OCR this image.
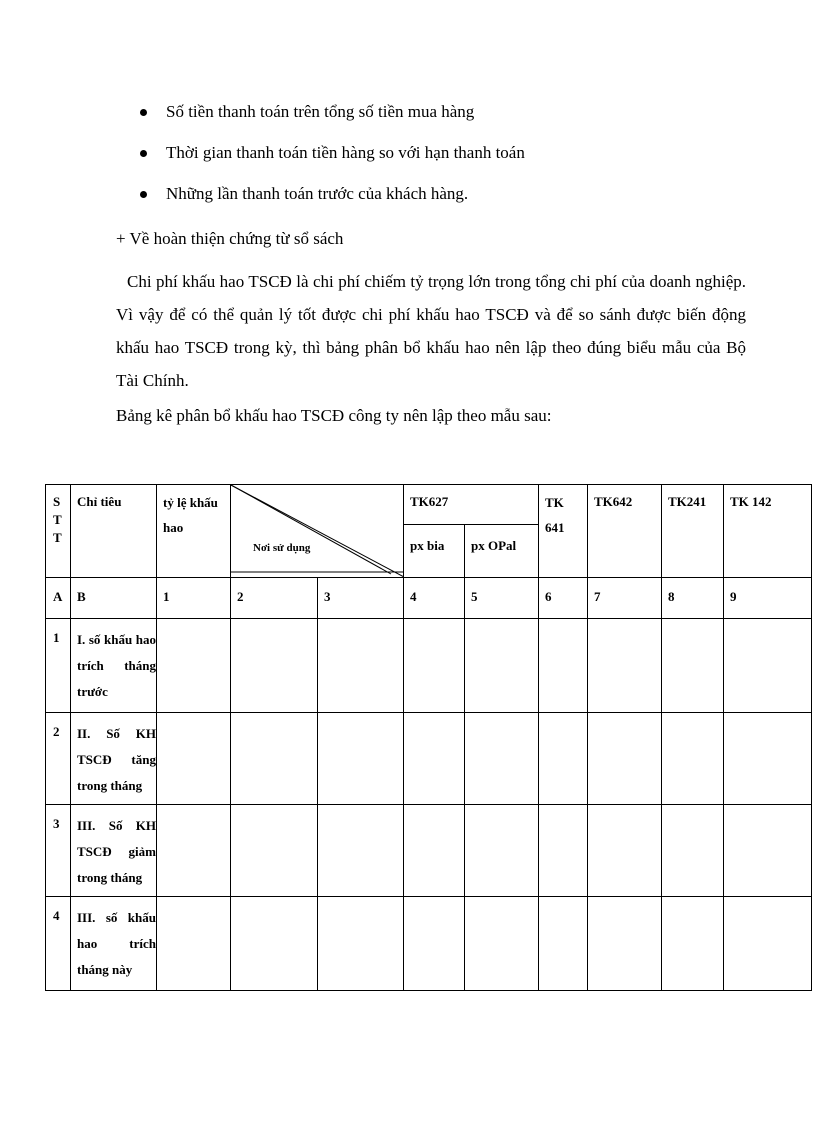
Số tiền thanh toán trên tổng số tiền mua hàng
Thời gian thanh toán tiền hàng so với hạn thanh toán
Những lần thanh toán trước của khách hàng.
+ Về hoàn thiện chứng từ sổ sách

Chi phí khấu hao TSCĐ là chi phí chiếm tỷ trọng lớn trong tổng chi phí của doanh nghiệp. Vì vậy để có thể quản lý tốt được chi phí khấu hao TSCĐ và để so sánh được biến động khấu hao TSCĐ trong kỳ, thì bảng phân bổ khấu hao nên lập theo đúng biểu mẫu của Bộ Tài Chính.

Bảng kê phân bổ khấu hao TSCĐ công ty nên lập theo mẫu sau:
S T T	Chỉ tiêu	tỷ lệ khấu hao	Nơi sử dụng		TK627		TK 641	TK642	TK241	TK 142

					px bia	px OPal				

A	B	1	2	3	4	5	6	7	8	9

1	I. số khấu hao trích tháng trước									

2	II. Số KH TSCĐ tăng trong tháng									

3	III. Số KH TSCĐ giảm trong tháng									

4	III. số khấu hao trích tháng này									
